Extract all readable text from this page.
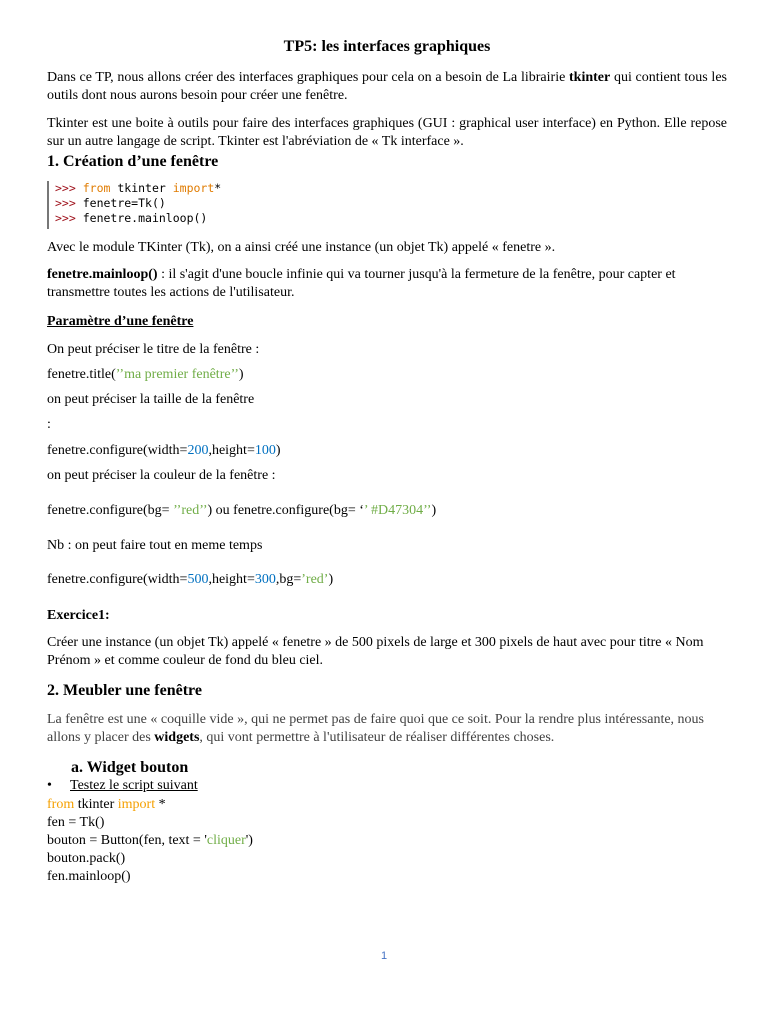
TP5: les interfaces graphiques

Dans ce TP, nous allons créer des interfaces graphiques pour cela on a besoin de La librairie tkinter qui contient tous les outils dont nous aurons besoin pour créer une fenêtre.

Tkinter est une boite à outils pour faire des interfaces graphiques (GUI : graphical user interface) en Python. Elle repose sur un autre langage de script. Tkinter est l'abréviation de « Tk interface ».

1. Création d’une fenêtre
>>> from tkinter import*
>>> fenetre=Tk()
>>> fenetre.mainloop()

Avec le module TKinter (Tk), on a ainsi créé une instance (un objet Tk) appelé « fenetre ».

fenetre.mainloop() : il s'agit d'une boucle infinie qui va tourner jusqu'à la fermeture de la fenêtre, pour capter et transmettre toutes les actions de l'utilisateur.

Paramètre d’une fenêtre

On peut préciser le titre de la fenêtre :

fenetre.title(’’ma premier fenêtre’’)

on peut préciser la taille de la fenêtre

:

fenetre.configure(width=200,height=100)

on peut préciser la couleur de la fenêtre :

fenetre.configure(bg= ’’red’’) ou fenetre.configure(bg= ‘’ #D47304’’)

Nb : on peut faire tout en meme temps

fenetre.configure(width=500,height=300,bg=’red’)

Exercice1:

Créer une instance (un objet Tk) appelé « fenetre » de 500 pixels de large et 300 pixels de haut avec pour titre « Nom Prénom » et comme couleur de fond du bleu ciel.

2. Meubler une fenêtre

La fenêtre est une « coquille vide », qui ne permet pas de faire quoi que ce soit. Pour la rendre plus intéressante, nous allons y placer des widgets, qui vont permettre à l'utilisateur de réaliser différentes choses.

a. Widget bouton
•	Testez le script suivant

from tkinter import *

fen = Tk()

bouton = Button(fen, text = 'cliquer')

bouton.pack()

fen.mainloop()

1
